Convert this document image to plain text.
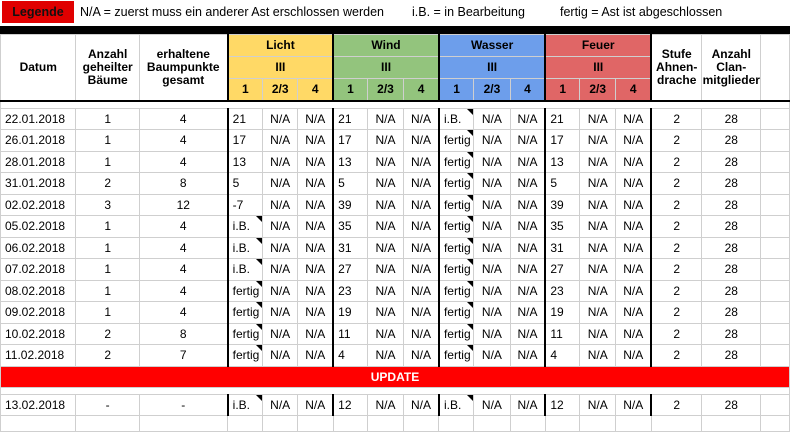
Legende	N/A = zuerst muss ein anderer Ast erschlossen werden i.B. = in Bearbeitung	fertig = Ast ist abgeschlossen
Datum	Anzahl geheilter Bäume	erhaltene Baumpunkte gesamt	Licht			Wind			Wasser			Feuer			Stufe Ahnen-drache	Anzahl Clan-mitglieder	
			III			III			III			III					
			1	2/3	4	1	2/3	4	1	2/3	4	1	2/3	4			

22.01.2018	1	4	21	N/A	N/A	21	N/A	N/A	i.B.	N/A	N/A	21	N/A	N/A	2	28	
26.01.2018	1	4	17	N/A	N/A	17	N/A	N/A	fertig	N/A	N/A	17	N/A	N/A	2	28	
28.01.2018	1	4	13	N/A	N/A	13	N/A	N/A	fertig	N/A	N/A	13	N/A	N/A	2	28	
31.01.2018	2	8	5	N/A	N/A	5	N/A	N/A	fertig	N/A	N/A	5	N/A	N/A	2	28	
02.02.2018	3	12	-7	N/A	N/A	39	N/A	N/A	fertig	N/A	N/A	39	N/A	N/A	2	28	
05.02.2018	1	4	i.B.	N/A	N/A	35	N/A	N/A	fertig	N/A	N/A	35	N/A	N/A	2	28	
06.02.2018	1	4	i.B.	N/A	N/A	31	N/A	N/A	fertig	N/A	N/A	31	N/A	N/A	2	28	
07.02.2018	1	4	i.B.	N/A	N/A	27	N/A	N/A	fertig	N/A	N/A	27	N/A	N/A	2	28	
08.02.2018	1	4	fertig	N/A	N/A	23	N/A	N/A	fertig	N/A	N/A	23	N/A	N/A	2	28	
09.02.2018	1	4	fertig	N/A	N/A	19	N/A	N/A	fertig	N/A	N/A	19	N/A	N/A	2	28	
10.02.2018	2	8	fertig	N/A	N/A	11	N/A	N/A	fertig	N/A	N/A	11	N/A	N/A	2	28	
11.02.2018	2	7	fertig	N/A	N/A	4	N/A	N/A	fertig	N/A	N/A	4	N/A	N/A	2	28	
UPDATE																	

13.02.2018	-	-	i.B.	N/A	N/A	12	N/A	N/A	i.B.	N/A	N/A	12	N/A	N/A	2	28	
